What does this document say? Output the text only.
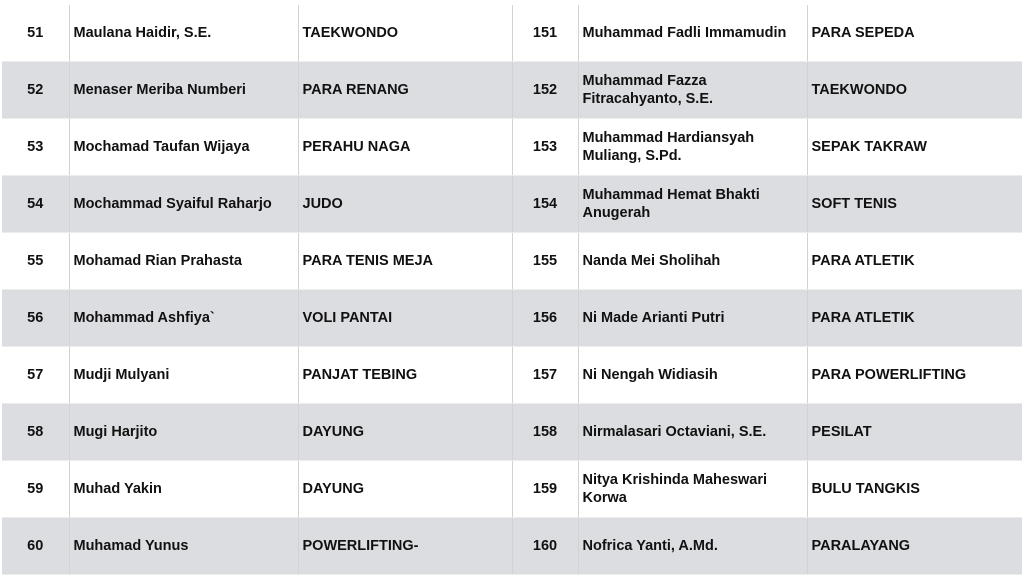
51	Maulana Haidir, S.E.	TAEKWONDO	151	Muhammad Fadli Immamudin	PARA SEPEDA
52	Menaser Meriba Numberi	PARA RENANG	152	Muhammad Fazza Fitracahyanto, S.E.	TAEKWONDO
53	Mochamad Taufan Wijaya	PERAHU NAGA	153	Muhammad Hardiansyah Muliang, S.Pd.	SEPAK TAKRAW
54	Mochammad Syaiful Raharjo	JUDO	154	Muhammad Hemat Bhakti Anugerah	SOFT TENIS
55	Mohamad Rian Prahasta	PARA TENIS MEJA	155	Nanda Mei Sholihah	PARA ATLETIK
56	Mohammad Ashfiya`	VOLI PANTAI	156	Ni Made Arianti Putri	PARA ATLETIK
57	Mudji Mulyani	PANJAT TEBING	157	Ni Nengah Widiasih	PARA POWERLIFTING
58	Mugi Harjito	DAYUNG	158	Nirmalasari Octaviani, S.E.	PESILAT
59	Muhad Yakin	DAYUNG	159	Nitya Krishinda Maheswari Korwa	BULU TANGKIS
60	Muhamad Yunus	POWERLIFTING-	160	Nofrica Yanti, A.Md.	PARALAYANG
